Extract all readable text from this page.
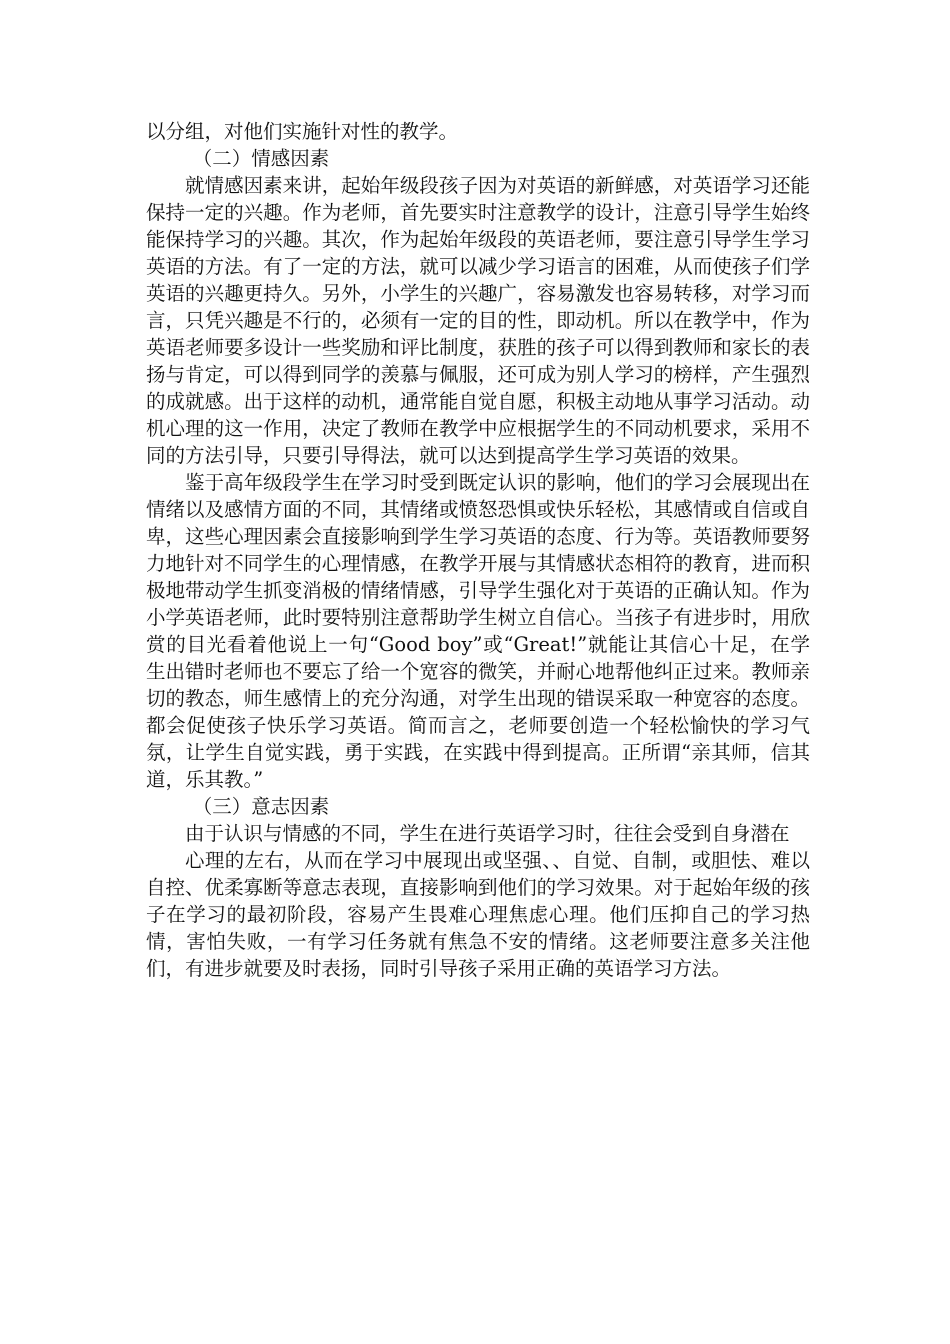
以分组，对他们实施针对性的教学。

（二）情感因素

就情感因素来讲，起始年级段孩子因为对英语的新鲜感，对英语学习还能保持一定的兴趣。作为老师，首先要实时注意教学的设计，注意引导学生始终能保持学习的兴趣。其次，作为起始年级段的英语老师，要注意引导学生学习英语的方法。有了一定的方法，就可以减少学习语言的困难，从而使孩子们学英语的兴趣更持久。另外，小学生的兴趣广，容易激发也容易转移，对学习而言，只凭兴趣是不行的，必须有一定的目的性，即动机。所以在教学中，作为英语老师要多设计一些奖励和评比制度，获胜的孩子可以得到教师和家长的表扬与肯定，可以得到同学的羡慕与佩服，还可成为别人学习的榜样，产生强烈的成就感。出于这样的动机，通常能自觉自愿，积极主动地从事学习活动。动机心理的这一作用，决定了教师在教学中应根据学生的不同动机要求，采用不同的方法引导，只要引导得法，就可以达到提高学生学习英语的效果。

鉴于高年级段学生在学习时受到既定认识的影响，他们的学习会展现出在情绪以及感情方面的不同，其情绪或愤怒恐惧或快乐轻松，其感情或自信或自卑，这些心理因素会直接影响到学生学习英语的态度、行为等。英语教师要努力地针对不同学生的心理情感，在教学开展与其情感状态相符的教育，进而积极地带动学生抓变消极的情绪情感，引导学生强化对于英语的正确认知。作为小学英语老师，此时要特别注意帮助学生树立自信心。当孩子有进步时，用欣赏的目光看着他说上一句“Good boy”或“Great!”就能让其信心十足，在学生出错时老师也不要忘了给一个宽容的微笑，并耐心地帮他纠正过来。教师亲切的教态，师生感情上的充分沟通，对学生出现的错误采取一种宽容的态度。都会促使孩子快乐学习英语。简而言之，老师要创造一个轻松愉快的学习气氛，让学生自觉实践，勇于实践，在实践中得到提高。正所谓“亲其师，信其道，乐其教。”

（三）意志因素

由于认识与情感的不同，学生在进行英语学习时，往往会受到自身潜在

心理的左右，从而在学习中展现出或坚强、、自觉、自制，或胆怯、难以自控、优柔寡断等意志表现，直接影响到他们的学习效果。对于起始年级的孩子在学习的最初阶段，容易产生畏难心理焦虑心理。他们压抑自己的学习热情，害怕失败，一有学习任务就有焦急不安的情绪。这老师要注意多关注他们，有进步就要及时表扬，同时引导孩子采用正确的英语学习方法。
